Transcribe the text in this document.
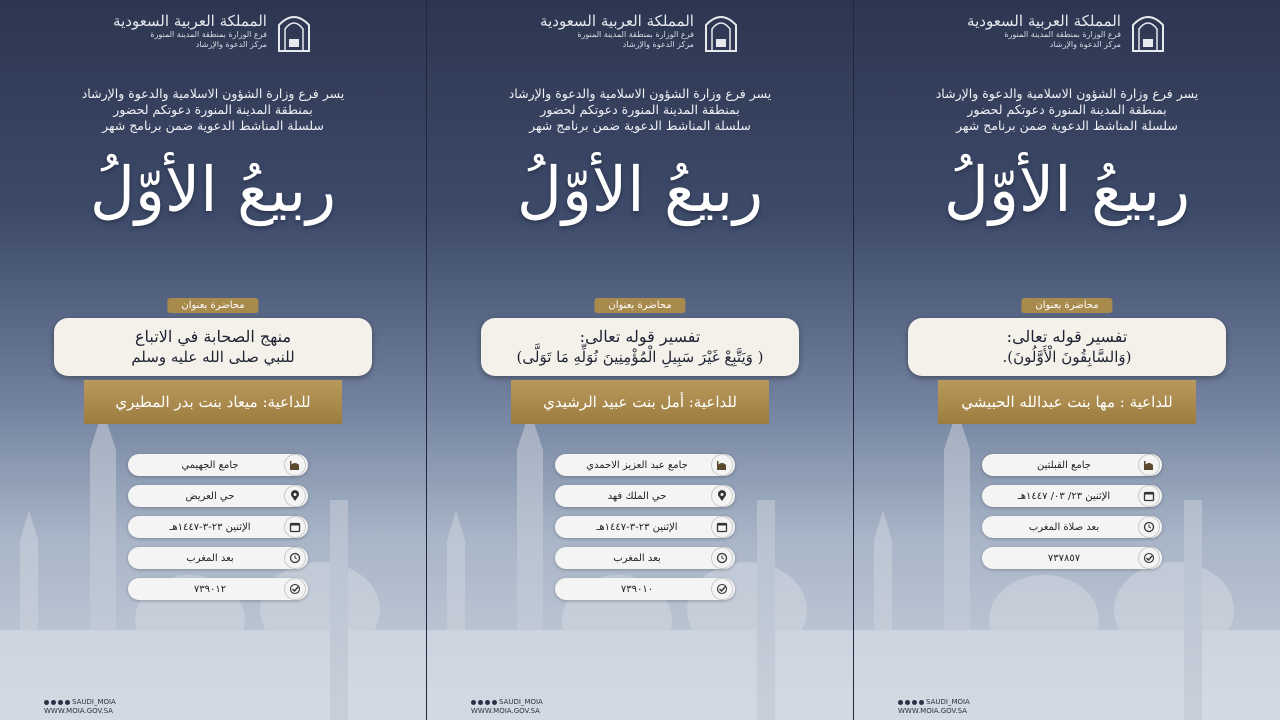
المملكة العربية السعودية
فرع الوزارة بمنطقة المدينة المنورة
مركز الدعوة والإرشاد
يسر فرع وزارة الشؤون الاسلامية والدعوة والإرشاد
بمنطقة المدينة المنورة دعوتكم لحضور
سلسلة المناشط الدعوية ضمن برنامج شهر
ربيعُ الأوّلُ
محاضرة بعنوان
منهج الصحابة في الاتباع
للنبي صلى الله عليه وسلم
للداعية: ميعاد بنت بدر المطيري
جامع الجهيمي
حي العريض
الإثنين ٢٣-٣-١٤٤٧هـ
بعد المغرب
٧٣٩٠١٢
SAUDI_MOIA
WWW.MOIA.GOV.SA
المملكة العربية السعودية
فرع الوزارة بمنطقة المدينة المنورة
مركز الدعوة والإرشاد
يسر فرع وزارة الشؤون الاسلامية والدعوة والإرشاد
بمنطقة المدينة المنورة دعوتكم لحضور
سلسلة المناشط الدعوية ضمن برنامج شهر
ربيعُ الأوّلُ
محاضرة بعنوان
تفسير قوله تعالى:
( وَيَتَّبِعْ غَيْرَ سَبِيلِ الْمُؤْمِنِينَ نُوَلِّهِ مَا تَوَلَّى)
للداعية: أمل بنت عبيد الرشيدي
جامع عبد العزيز الاحمدي
حي الملك فهد
الإثنين ٢٣-٣-١٤٤٧هـ
بعد المغرب
٧٣٩٠١٠
SAUDI_MOIA
WWW.MOIA.GOV.SA
المملكة العربية السعودية
فرع الوزارة بمنطقة المدينة المنورة
مركز الدعوة والإرشاد
يسر فرع وزارة الشؤون الاسلامية والدعوة والإرشاد
بمنطقة المدينة المنورة دعوتكم لحضور
سلسلة المناشط الدعوية ضمن برنامج شهر
ربيعُ الأوّلُ
محاضرة بعنوان
تفسير قوله تعالى:
(وَالسَّابِقُونَ الْأَوَّلُونَ).
للداعية : مها بنت عبدالله الحبيشي
جامع القبلتين
الإثنين ٢٣/ ٠٣/ ١٤٤٧هـ
بعد صلاة المغرب
٧٣٧٨٥٧
SAUDI_MOIA
WWW.MOIA.GOV.SA
